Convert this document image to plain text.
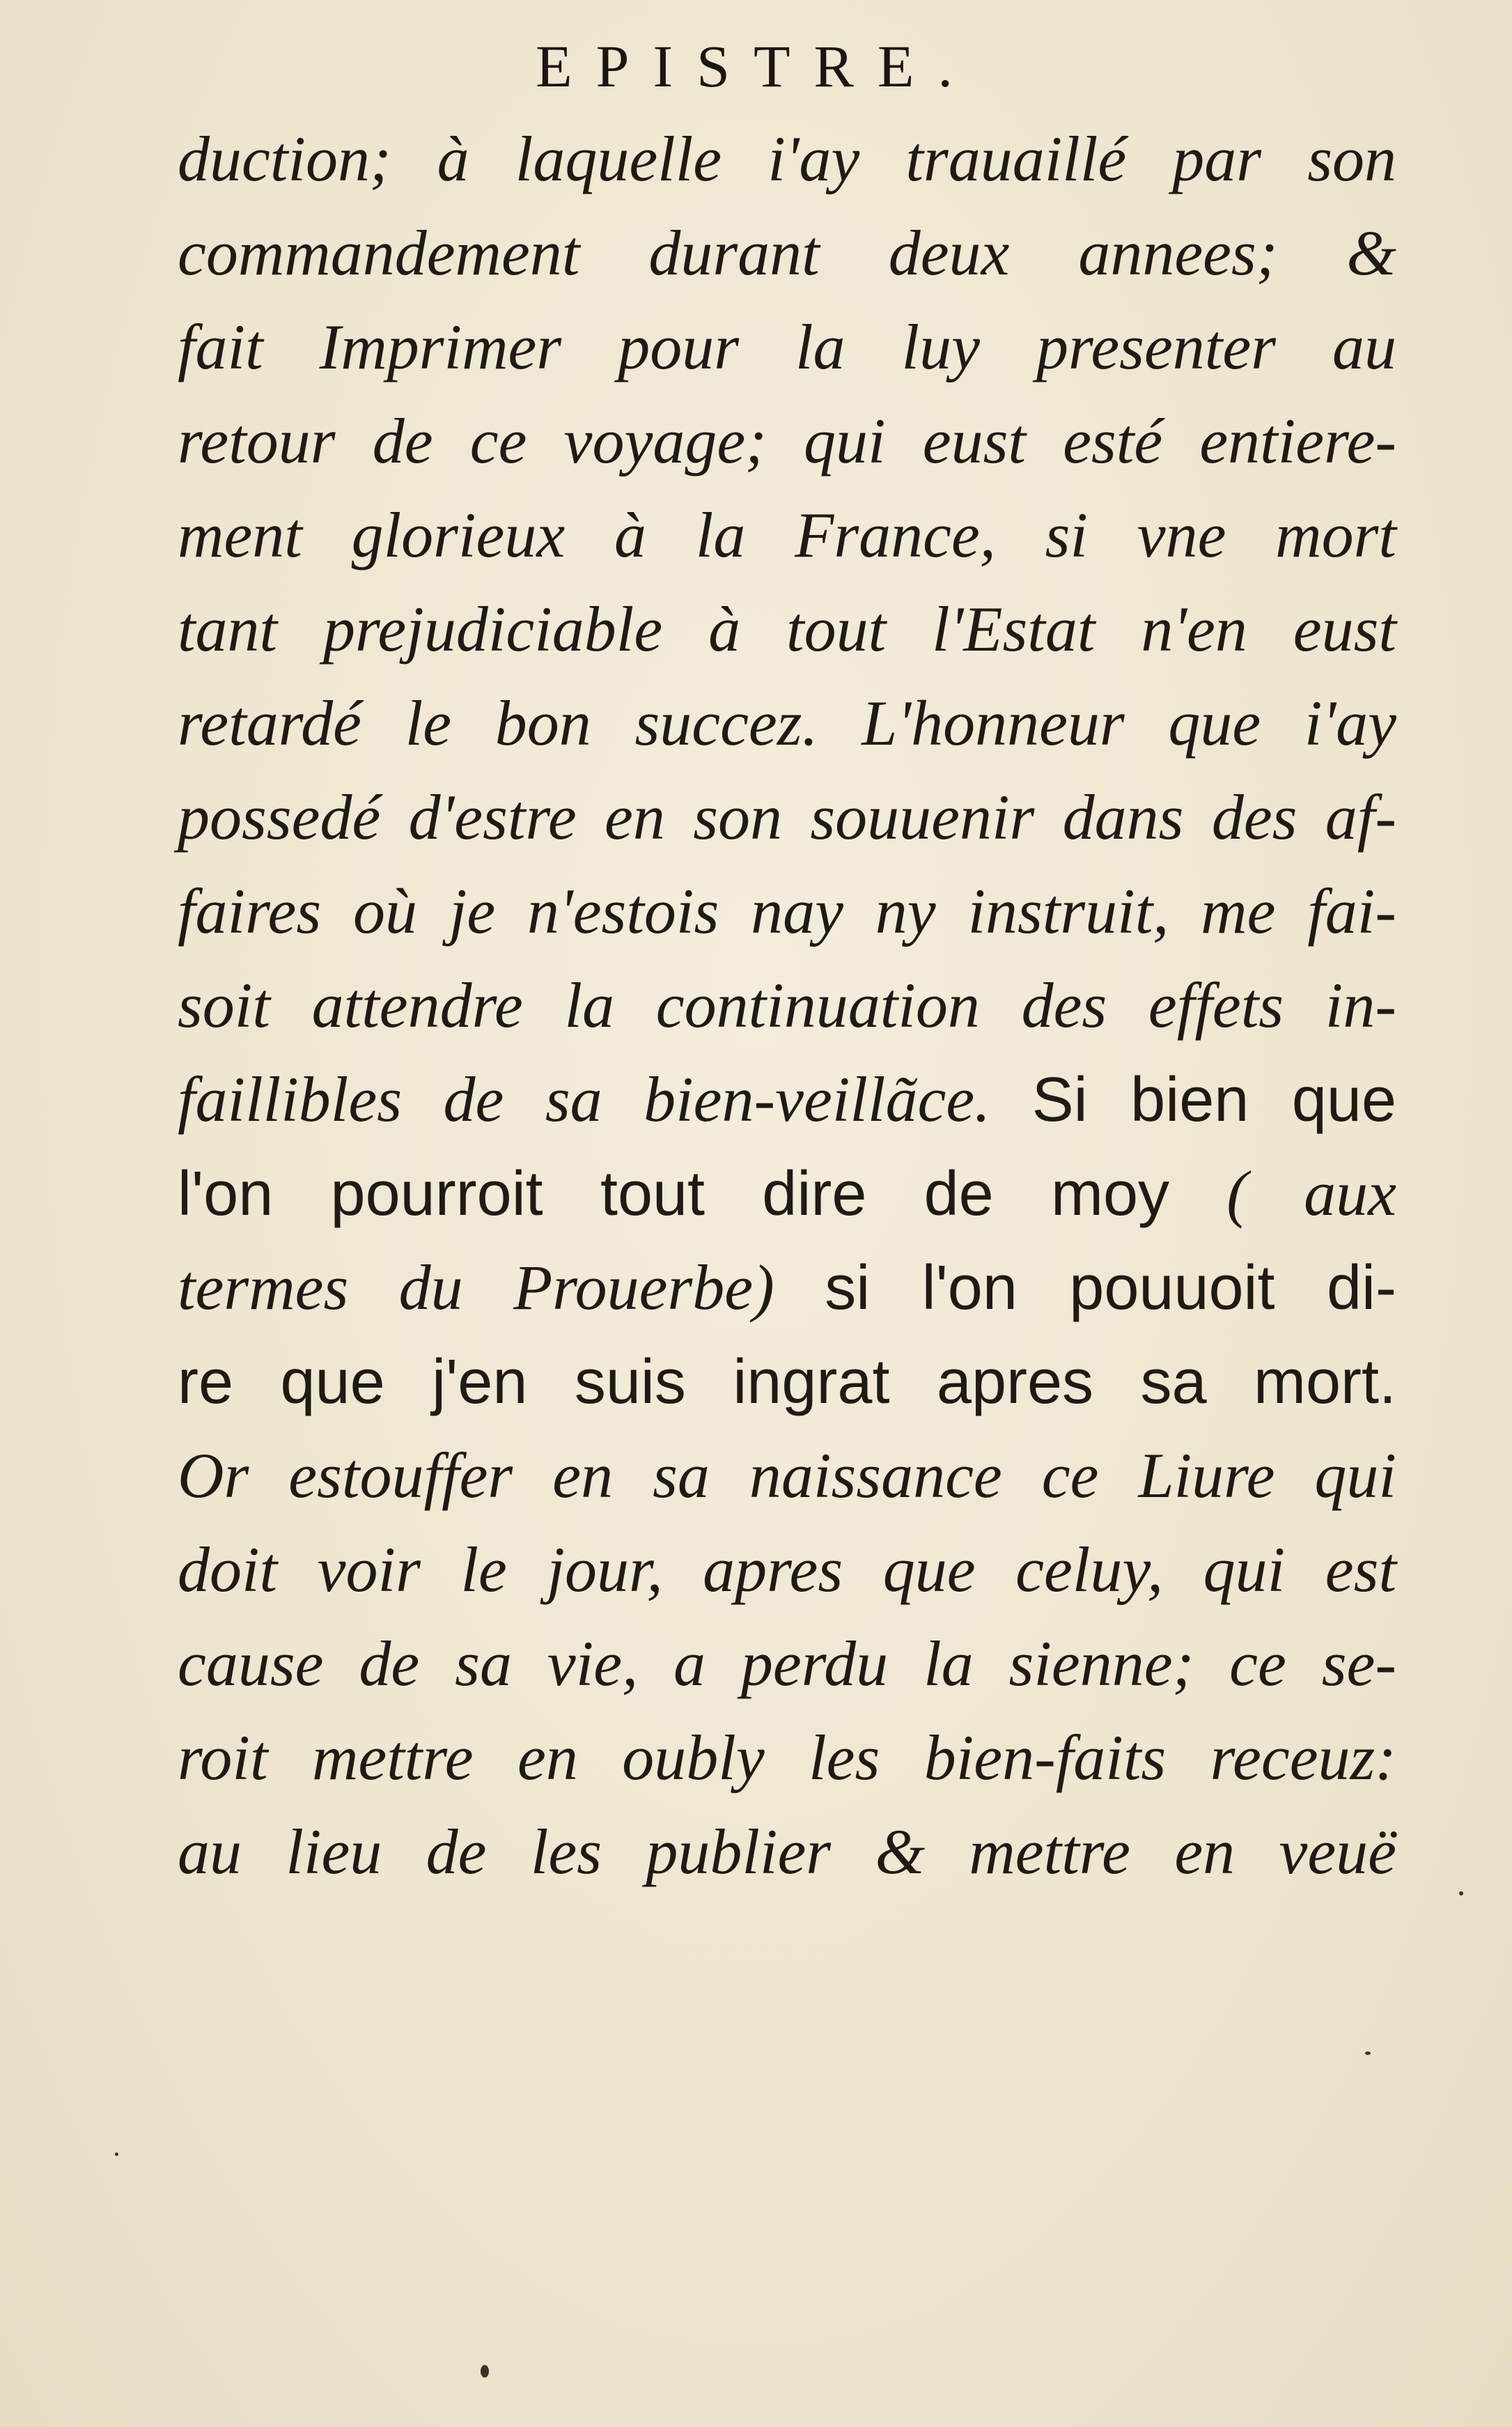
EPISTRE.
duction; à laquelle i'ay trauaillé par son
commandement durant deux annees; &
fait Imprimer pour la luy presenter au
retour de ce voyage; qui eust esté entiere-
ment glorieux à la France, si vne mort
tant prejudiciable à tout l'Estat n'en eust
retardé le bon succez. L'honneur que i'ay
possedé d'estre en son souuenir dans des af-
faires où je n'estois nay ny instruit, me fai-
soit attendre la continuation des effets in-
faillibles de sa bien-veillãce. Si bien que
l'on pourroit tout dire de moy ( aux
termes du Prouerbe) si l'on pouuoit di-
re que j'en suis ingrat apres sa mort.
Or estouffer en sa naissance ce Liure qui
doit voir le jour, apres que celuy, qui est
cause de sa vie, a perdu la sienne; ce se-
roit mettre en oubly les bien-faits receuz:
au lieu de les publier & mettre en veuë
